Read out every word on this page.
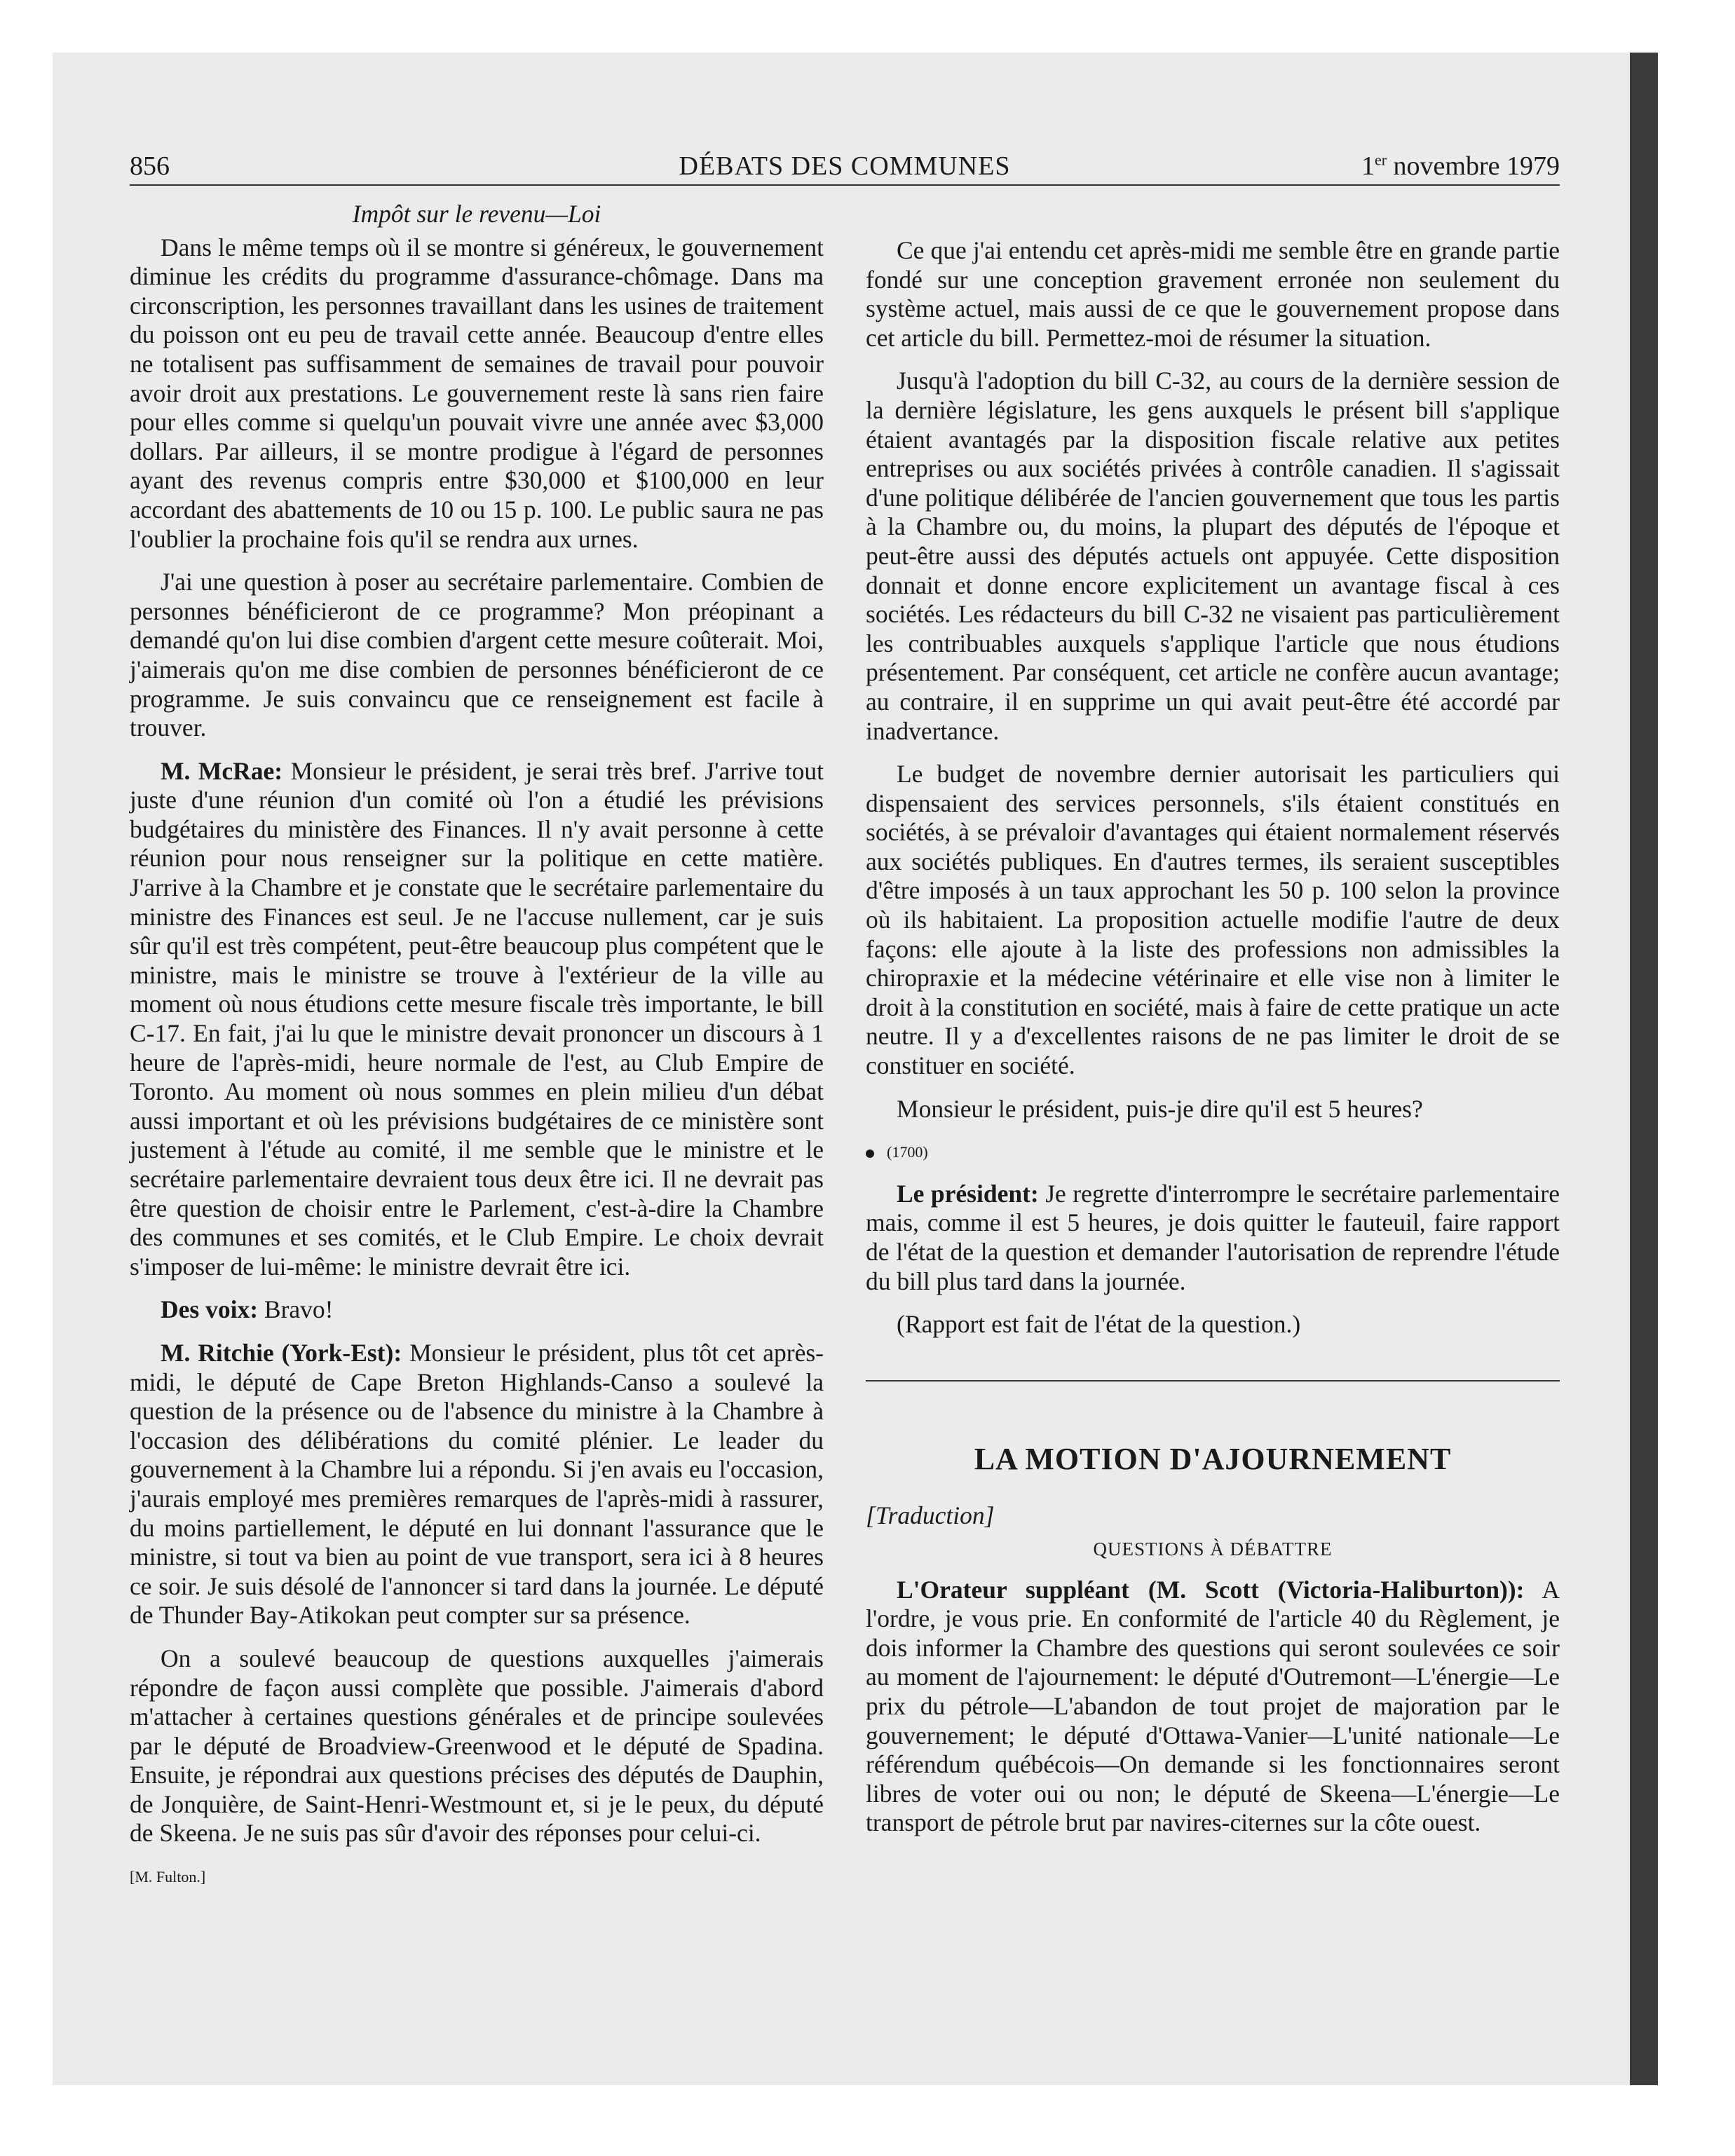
856	DÉBATS DES COMMUNES	1er novembre 1979
Impôt sur le revenu—Loi

Dans le même temps où il se montre si généreux, le gouvernement diminue les crédits du programme d'assurance-chômage. Dans ma circonscription, les personnes travaillant dans les usines de traitement du poisson ont eu peu de travail cette année. Beaucoup d'entre elles ne totalisent pas suffisamment de semaines de travail pour pouvoir avoir droit aux prestations. Le gouvernement reste là sans rien faire pour elles comme si quelqu'un pouvait vivre une année avec $3,000 dollars. Par ailleurs, il se montre prodigue à l'égard de personnes ayant des revenus compris entre $30,000 et $100,000 en leur accordant des abattements de 10 ou 15 p. 100. Le public saura ne pas l'oublier la prochaine fois qu'il se rendra aux urnes.

J'ai une question à poser au secrétaire parlementaire. Combien de personnes bénéficieront de ce programme? Mon préopinant a demandé qu'on lui dise combien d'argent cette mesure coûterait. Moi, j'aimerais qu'on me dise combien de personnes bénéficieront de ce programme. Je suis convaincu que ce renseignement est facile à trouver.

M. McRae: Monsieur le président, je serai très bref. J'arrive tout juste d'une réunion d'un comité où l'on a étudié les prévisions budgétaires du ministère des Finances. Il n'y avait personne à cette réunion pour nous renseigner sur la politique en cette matière. J'arrive à la Chambre et je constate que le secrétaire parlementaire du ministre des Finances est seul. Je ne l'accuse nullement, car je suis sûr qu'il est très compétent, peut-être beaucoup plus compétent que le ministre, mais le ministre se trouve à l'extérieur de la ville au moment où nous étudions cette mesure fiscale très importante, le bill C-17. En fait, j'ai lu que le ministre devait prononcer un discours à 1 heure de l'après-midi, heure normale de l'est, au Club Empire de Toronto. Au moment où nous sommes en plein milieu d'un débat aussi important et où les prévisions budgétaires de ce ministère sont justement à l'étude au comité, il me semble que le ministre et le secrétaire parlementaire devraient tous deux être ici. Il ne devrait pas être question de choisir entre le Parlement, c'est-à-dire la Chambre des communes et ses comités, et le Club Empire. Le choix devrait s'imposer de lui-même: le ministre devrait être ici.

Des voix: Bravo!

M. Ritchie (York-Est): Monsieur le président, plus tôt cet après-midi, le député de Cape Breton Highlands-Canso a soulevé la question de la présence ou de l'absence du ministre à la Chambre à l'occasion des délibérations du comité plénier. Le leader du gouvernement à la Chambre lui a répondu. Si j'en avais eu l'occasion, j'aurais employé mes premières remarques de l'après-midi à rassurer, du moins partiellement, le député en lui donnant l'assurance que le ministre, si tout va bien au point de vue transport, sera ici à 8 heures ce soir. Je suis désolé de l'annoncer si tard dans la journée. Le député de Thunder Bay-Atikokan peut compter sur sa présence.

On a soulevé beaucoup de questions auxquelles j'aimerais répondre de façon aussi complète que possible. J'aimerais d'abord m'attacher à certaines questions générales et de principe soulevées par le député de Broadview-Greenwood et le député de Spadina. Ensuite, je répondrai aux questions précises des députés de Dauphin, de Jonquière, de Saint-Henri-Westmount et, si je le peux, du député de Skeena. Je ne suis pas sûr d'avoir des réponses pour celui-ci.

[M. Fulton.]

Ce que j'ai entendu cet après-midi me semble être en grande partie fondé sur une conception gravement erronée non seulement du système actuel, mais aussi de ce que le gouvernement propose dans cet article du bill. Permettez-moi de résumer la situation.

Jusqu'à l'adoption du bill C-32, au cours de la dernière session de la dernière législature, les gens auxquels le présent bill s'applique étaient avantagés par la disposition fiscale relative aux petites entreprises ou aux sociétés privées à contrôle canadien. Il s'agissait d'une politique délibérée de l'ancien gouvernement que tous les partis à la Chambre ou, du moins, la plupart des députés de l'époque et peut-être aussi des députés actuels ont appuyée. Cette disposition donnait et donne encore explicitement un avantage fiscal à ces sociétés. Les rédacteurs du bill C-32 ne visaient pas particulièrement les contribuables auxquels s'applique l'article que nous étudions présentement. Par conséquent, cet article ne confère aucun avantage; au contraire, il en supprime un qui avait peut-être été accordé par inadvertance.

Le budget de novembre dernier autorisait les particuliers qui dispensaient des services personnels, s'ils étaient constitués en sociétés, à se prévaloir d'avantages qui étaient normalement réservés aux sociétés publiques. En d'autres termes, ils seraient susceptibles d'être imposés à un taux approchant les 50 p. 100 selon la province où ils habitaient. La proposition actuelle modifie l'autre de deux façons: elle ajoute à la liste des professions non admissibles la chiropraxie et la médecine vétérinaire et elle vise non à limiter le droit à la constitution en société, mais à faire de cette pratique un acte neutre. Il y a d'excellentes raisons de ne pas limiter le droit de se constituer en société.

Monsieur le président, puis-je dire qu'il est 5 heures?

(1700)

Le président: Je regrette d'interrompre le secrétaire parlementaire mais, comme il est 5 heures, je dois quitter le fauteuil, faire rapport de l'état de la question et demander l'autorisation de reprendre l'étude du bill plus tard dans la journée.

(Rapport est fait de l'état de la question.)

LA MOTION D'AJOURNEMENT
[Traduction]
QUESTIONS À DÉBATTRE

L'Orateur suppléant (M. Scott (Victoria-Haliburton)): A l'ordre, je vous prie. En conformité de l'article 40 du Règlement, je dois informer la Chambre des questions qui seront soulevées ce soir au moment de l'ajournement: le député d'Outremont—L'énergie—Le prix du pétrole—L'abandon de tout projet de majoration par le gouvernement; le député d'Ottawa-Vanier—L'unité nationale—Le référendum québécois—On demande si les fonctionnaires seront libres de voter oui ou non; le député de Skeena—L'énergie—Le transport de pétrole brut par navires-citernes sur la côte ouest.
